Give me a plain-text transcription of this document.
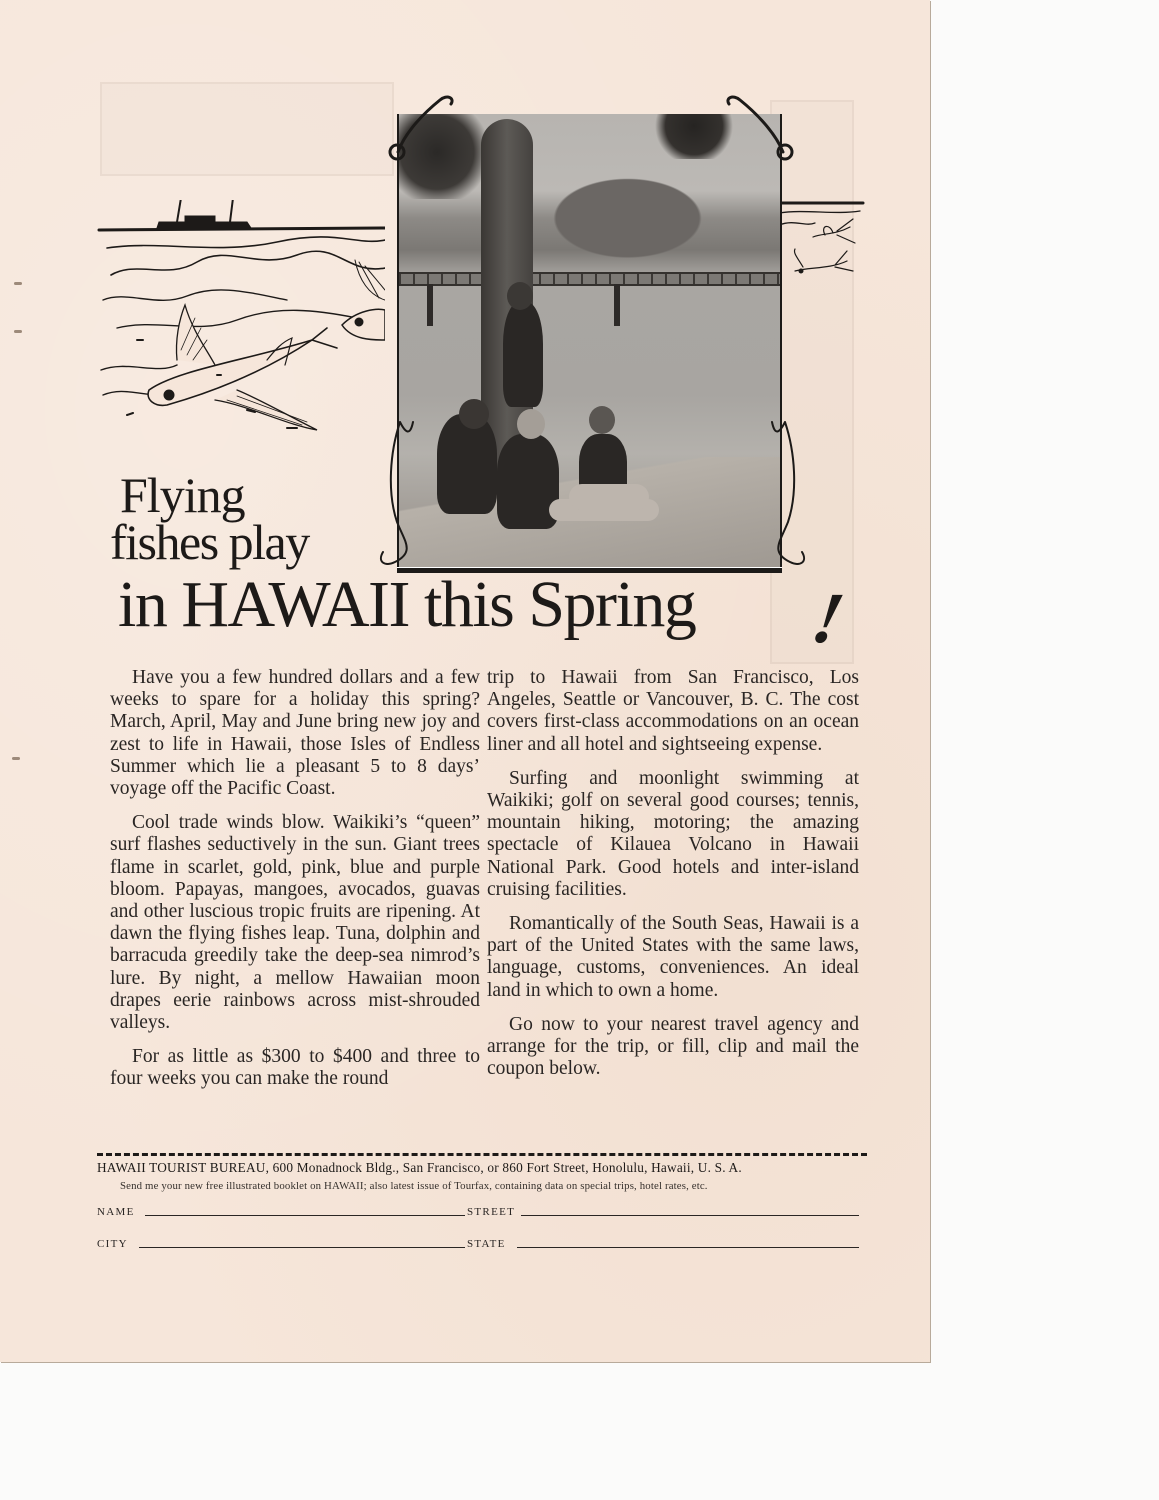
Flying
fishes play
in HAWAII this Spring !

Have you a few hundred dollars and a few weeks to spare for a holiday this spring? March, April, May and June bring new joy and zest to life in Hawaii, those Isles of Endless Summer which lie a pleasant 5 to 8 days’ voyage off the Pacific Coast.

Cool trade winds blow. Waikiki’s “queen” surf flashes seductively in the sun. Giant trees flame in scarlet, gold, pink, blue and purple bloom. Papayas, mangoes, avocados, guavas and other luscious tropic fruits are ripening. At dawn the flying fishes leap. Tuna, dolphin and barracuda greedily take the deep-sea nimrod’s lure. By night, a mellow Hawaiian moon drapes eerie rainbows across mist-shrouded valleys.

For as little as $300 to $400 and three to four weeks you can make the round

trip to Hawaii from San Francisco, Los Angeles, Seattle or Vancouver, B. C. The cost covers first-class accommodations on an ocean liner and all hotel and sightseeing expense.

Surfing and moonlight swimming at Waikiki; golf on several good courses; tennis, mountain hiking, motoring; the amazing spectacle of Kilauea Volcano in Hawaii National Park. Good hotels and inter-island cruising facilities.

Romantically of the South Seas, Hawaii is a part of the United States with the same laws, language, customs, conveniences. An ideal land in which to own a home.

Go now to your nearest travel agency and arrange for the trip, or fill, clip and mail the coupon below.

HAWAII TOURIST BUREAU, 600 Monadnock Bldg., San Francisco, or 860 Fort Street, Honolulu, Hawaii, U. S. A.
Send me your new free illustrated booklet on HAWAII; also latest issue of Tourfax, containing data on special trips, hotel rates, etc.
NAME	STREET
CITY	STATE
